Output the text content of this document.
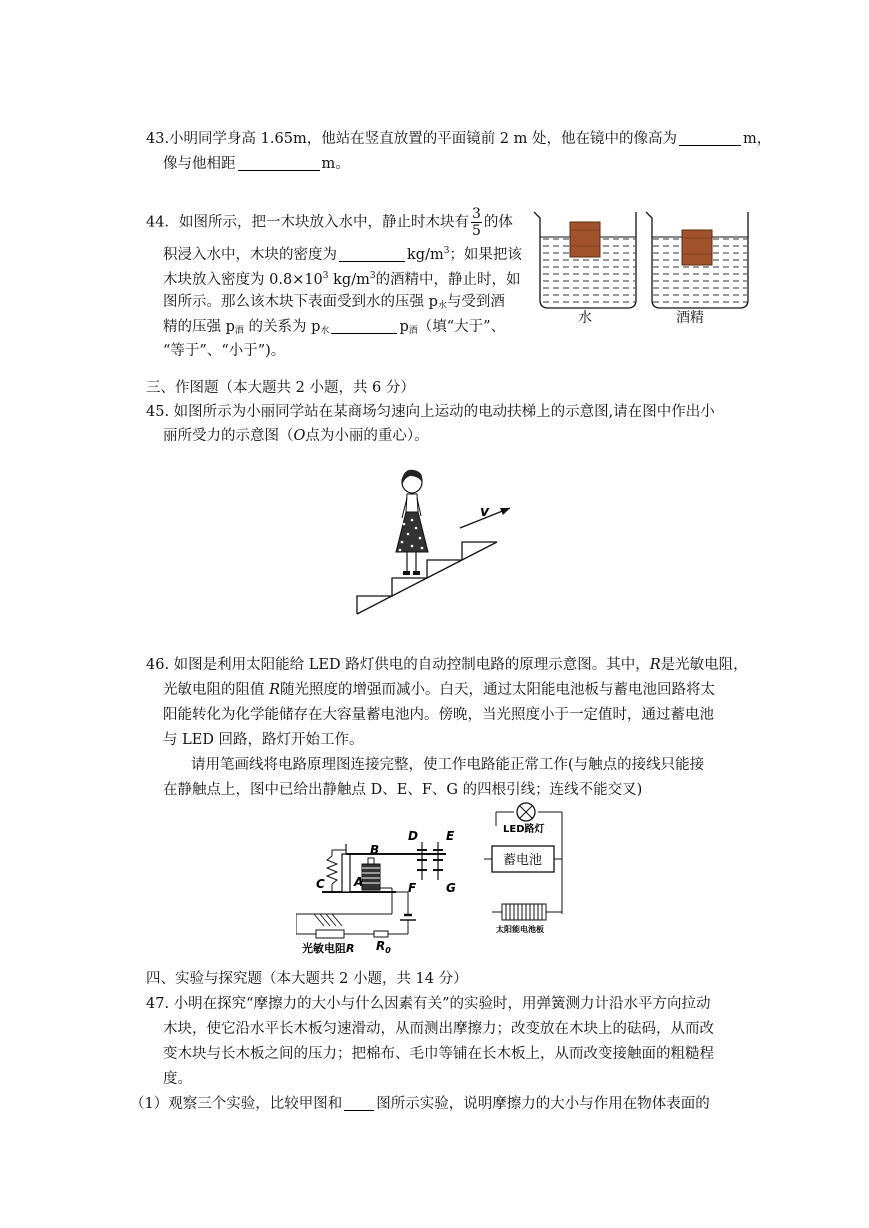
43.小明同学身高 1.65m，他站在竖直放置的平面镜前 2 m 处，他在镜中的像高为	m，
像与他相距	m。
44．如图所示，把一木块放入水中，静止时木块有 $\frac{3}{5}$ 的体
积浸入水中，木块的密度为	$kg/m^3$；如果把该
木块放入密度为 $0.8\times 10^3$ $kg/m^3$的酒精中，静止时，如
图所示。那么该木块下表面受到水的压强 $p_水$与受到酒
精的压强 $p_酒$ 的关系为 $p_水$	$p_酒$（填“大于”、
“等于”、“小于”)。
水	酒精
三、作图题（本大题共 2 小题，共 6 分）
45. 如图所示为小丽同学站在某商场匀速向上运动的电动扶梯上的示意图,请在图中作出小
丽所受力的示意图（O点为小丽的重心）。
v
46. 如图是利用太阳能给 LED 路灯供电的自动控制电路的原理示意图。其中，R是光敏电阻，
光敏电阻的阻值 R随光照度的增强而减小。白天，通过太阳能电池板与蓄电池回路将太
阳能转化为化学能储存在大容量蓄电池内。傍晚，当光照度小于一定值时，通过蓄电池
与 LED 回路，路灯开始工作。
请用笔画线将电路原理图连接完整，使工作电路能正常工作(与触点的接线只能接
在静触点上，图中已给出静触点 D、E、F、G 的四根引线；连线不能交叉)
D E
F G
B
A
C
光敏电阻R $R_0$
LED路灯
蓄电池
太阳能电池板
四、实验与探究题（本大题共 2 小题，共 14 分）
47. 小明在探究“摩擦力的大小与什么因素有关”的实验时，用弹簧测力计沿水平方向拉动
木块，使它沿水平长木板匀速滑动，从而测出摩擦力；改变放在木块上的砝码，从而改
变木块与长木板之间的压力；把棉布、毛巾等铺在长木板上，从而改变接触面的粗糙程
度。
（1）观察三个实验，比较甲图和 图所示实验，说明摩擦力的大小与作用在物体表面的
